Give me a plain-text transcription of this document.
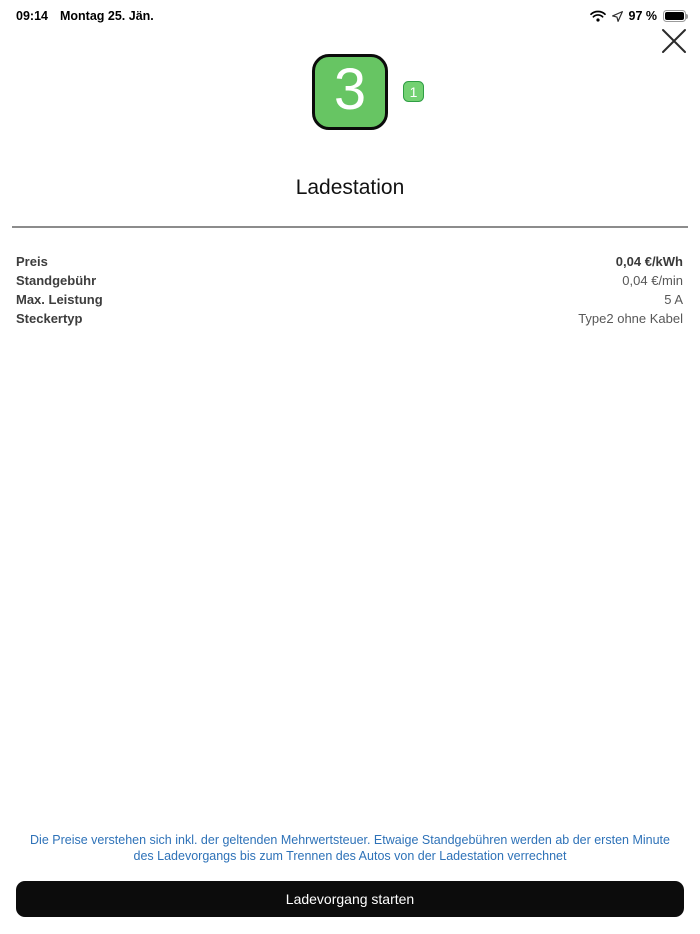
09:14 Montag 25. Jän.	97 %
3	1
Ladestation
Preis	0,04 €/kWh
Standgebühr	0,04 €/min
Max. Leistung	5 A
Steckertyp	Type2 ohne Kabel
Die Preise verstehen sich inkl. der geltenden Mehrwertsteuer. Etwaige Standgebühren werden ab der ersten Minute des Ladevorgangs bis zum Trennen des Autos von der Ladestation verrechnet
Ladevorgang starten
